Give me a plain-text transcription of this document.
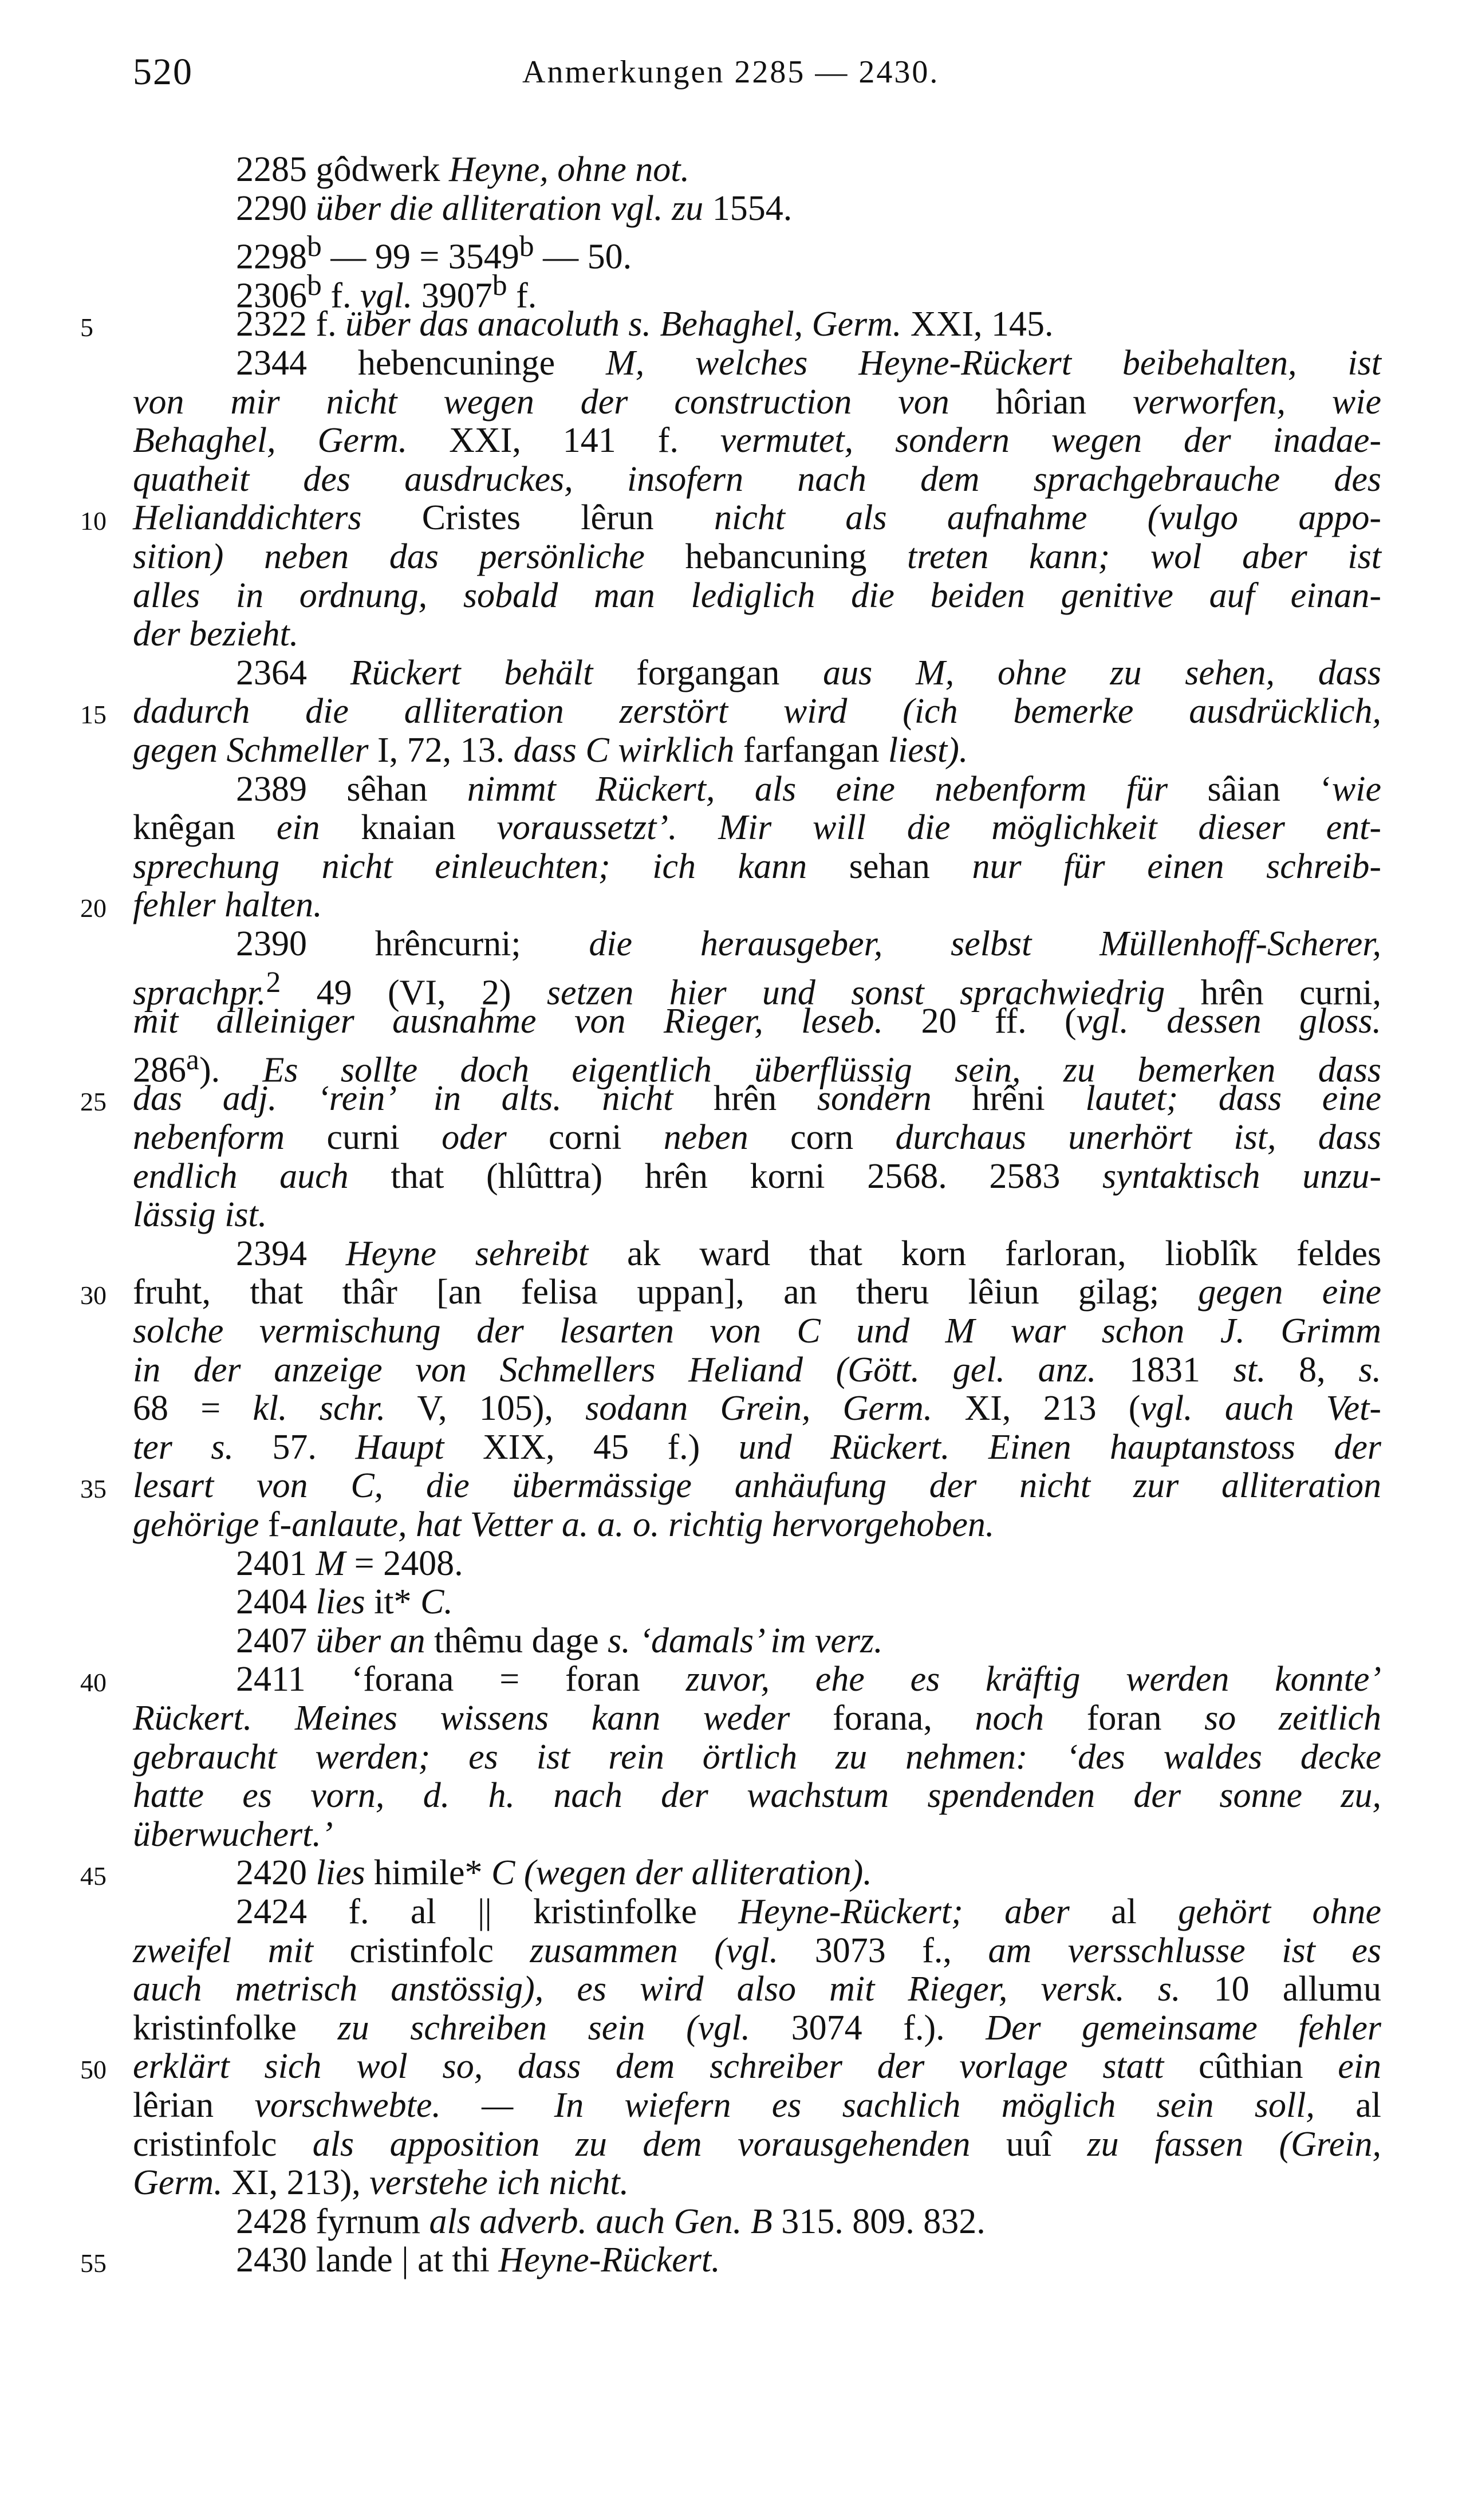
520	Anmerkungen 2285 — 2430.
2285 gôdwerk Heyne, ohne not.
2290 über die alliteration vgl. zu 1554.
2298$^b$ — $99 = 3549^b$ — 50.
2306$^b$ f. vgl. 3907$^b$ f.
2322 f. über das anacoluth s. Behaghel, Germ. XXI, 145.
2344 hebencuninge M, welches Heyne-Rückert beibehalten, ist
von mir nicht wegen der construction von hôrian verworfen, wie
Behaghel, Germ. XXI, 141 f. vermutet, sondern wegen der inadae-
quatheit des ausdruckes, insofern nach dem sprachgebrauche des
Helianddichters Cristes lêrun nicht als aufnahme (vulgo appo-
sition) neben das persönliche hebancuning treten kann; wol aber ist
alles in ordnung, sobald man lediglich die beiden genitive auf einan-
der bezieht.
2364 Rückert behält forgangan aus M, ohne zu sehen, dass
dadurch die alliteration zerstört wird (ich bemerke ausdrücklich,
gegen Schmeller I, 72, 13. dass C wirklich farfangan liest).
2389 sêhan nimmt Rückert, als eine nebenform für sâian ‘wie
knêgan ein knaian voraussetzt’. Mir will die möglichkeit dieser ent-
sprechung nicht einleuchten; ich kann sehan nur für einen schreib-
fehler halten.
2390 hrêncurni; die herausgeber, selbst Müllenhoff-Scherer,
sprachpr.$^2$ 49 (VI, 2) setzen hier und sonst sprachwiedrig hrên curni,
mit alleiniger ausnahme von Rieger, leseb. 20 ff. (vgl. dessen gloss.
286$^a$). Es sollte doch eigentlich überflüssig sein, zu bemerken dass
das adj. ‘rein’ in alts. nicht hrên sondern hrêni lautet; dass eine
nebenform curni oder corni neben corn durchaus unerhört ist, dass
endlich auch that (hlûttra) hrên korni 2568. 2583 syntaktisch unzu-
lässig ist.
2394 Heyne sehreibt ak ward that korn farloran, lioblîk feldes
fruht, that thâr [an felisa uppan], an theru lêiun gilag; gegen eine
solche vermischung der lesarten von C und M war schon J. Grimm
in der anzeige von Schmellers Heliand (Gött. gel. anz. 1831 st. 8, s.
68 = kl. schr. V, 105), sodann Grein, Germ. XI, 213 (vgl. auch Vet-
ter s. 57. Haupt XIX, 45 f.) und Rückert. Einen hauptanstoss der
lesart von C, die übermässige anhäufung der nicht zur alliteration
gehörige f-anlaute, hat Vetter a. a. o. richtig hervorgehoben.
2401 M = 2408.
2404 lies it* C.
2407 über an thêmu dage s. ‘damals’ im verz.
2411 ‘forana = foran zuvor, ehe es kräftig werden konnte’
Rückert. Meines wissens kann weder forana, noch foran so zeitlich
gebraucht werden; es ist rein örtlich zu nehmen: ‘des waldes decke
hatte es vorn, d. h. nach der wachstum spendenden der sonne zu,
überwuchert.’
2420 lies himile* C (wegen der alliteration).
2424 f. al || kristinfolke Heyne-Rückert; aber al gehört ohne
zweifel mit cristinfolc zusammen (vgl. 3073 f., am versschlusse ist es
auch metrisch anstössig), es wird also mit Rieger, versk. s. 10 allumu
kristinfolke zu schreiben sein (vgl. 3074 f.). Der gemeinsame fehler
erklärt sich wol so, dass dem schreiber der vorlage statt cûthian ein
lêrian vorschwebte. — In wiefern es sachlich möglich sein soll, al
cristinfolc als apposition zu dem vorausgehenden uuî zu fassen (Grein,
Germ. XI, 213), verstehe ich nicht.
2428 fyrnum als adverb. auch Gen. B 315. 809. 832.
2430 lande | at thi Heyne-Rückert.
5
10
15
20
25
30
35
40
45
50
55
